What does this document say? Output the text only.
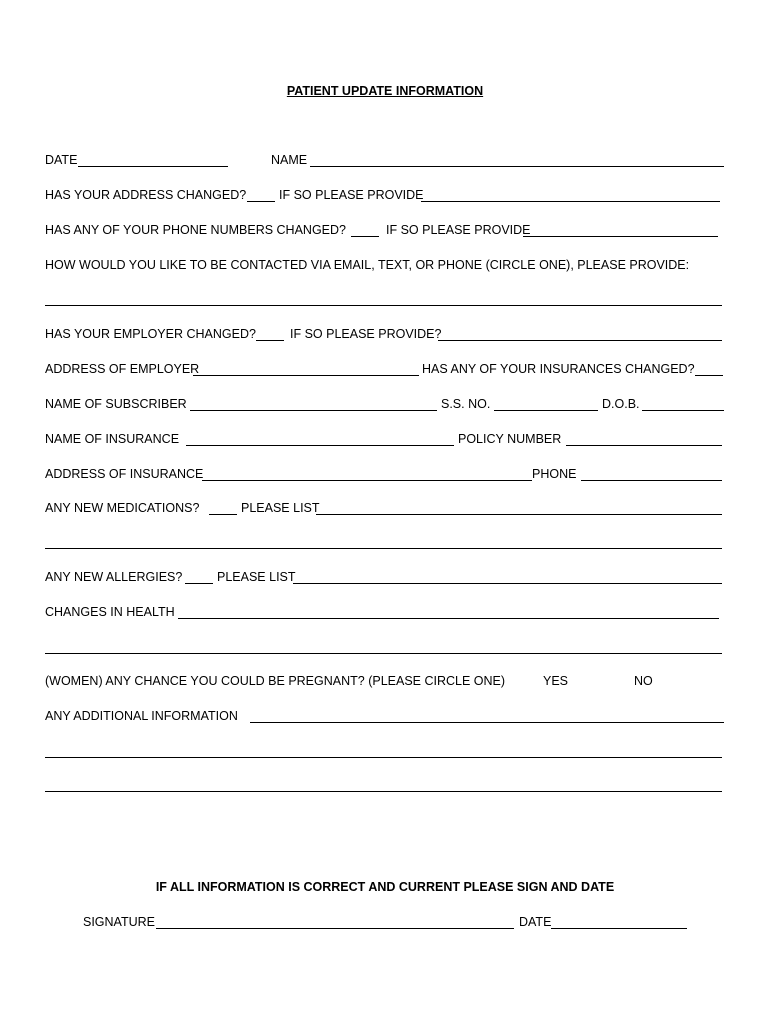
PATIENT UPDATE INFORMATION
DATE	NAME
HAS YOUR ADDRESS CHANGED?	IF SO PLEASE PROVIDE
HAS ANY OF YOUR PHONE NUMBERS CHANGED?	IF SO PLEASE PROVIDE
HOW WOULD YOU LIKE TO BE CONTACTED VIA EMAIL, TEXT, OR PHONE (CIRCLE ONE), PLEASE PROVIDE:
HAS YOUR EMPLOYER CHANGED?	IF SO PLEASE PROVIDE?
ADDRESS OF EMPLOYER	HAS ANY OF YOUR INSURANCES CHANGED?
NAME OF SUBSCRIBER	S.S. NO.	D.O.B.
NAME OF INSURANCE	POLICY NUMBER
ADDRESS OF INSURANCE	PHONE
ANY NEW MEDICATIONS?	PLEASE LIST
ANY NEW ALLERGIES?	PLEASE LIST
CHANGES IN HEALTH
(WOMEN) ANY CHANCE YOU COULD BE PREGNANT? (PLEASE CIRCLE ONE)	YES	NO
ANY ADDITIONAL INFORMATION
IF ALL INFORMATION IS CORRECT AND CURRENT PLEASE SIGN AND DATE
SIGNATURE	DATE
